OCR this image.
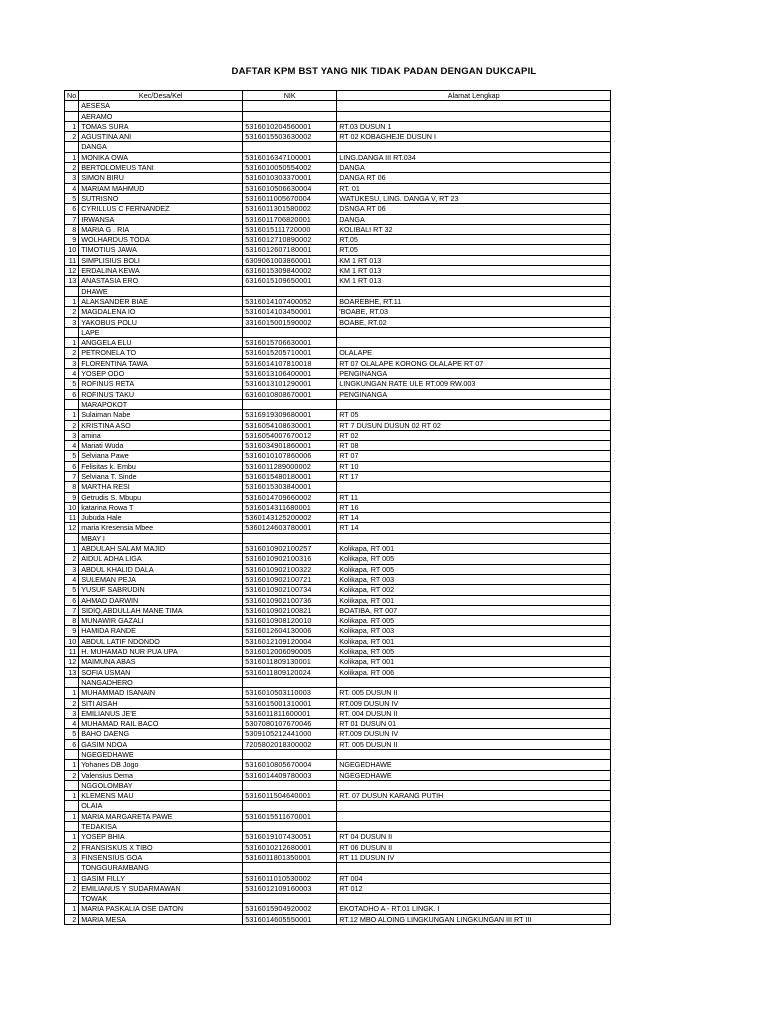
DAFTAR KPM BST YANG NIK TIDAK PADAN DENGAN DUKCAPIL
No	Kec/Desa/Kel	NIK	Alamat Lengkap
	AESESA		
	AERAMO		
1	TOMAS SURA	5316010204560001	RT.03 DUSUN 1
2	AGUSTINA ANI	5316015503630002	RT 02 KOBAGHEJE DUSUN I
	DANGA		
1	MONIKA OWA	5316016347100001	LING.DANGA III RT.034
2	BERTOLOMEUS TANI	5316010050554002	DANGA
3	SIMON BIRU	5316010303370001	DANGA RT 06
4	MARIAM MAHMUD	5316010506630004	RT. 01
5	SUTRISNO	5316011005670004	WATUKESU, LING. DANGA V, RT 23
6	CYRILLUS C FERNANDEZ	5316011301580002	DSNGA RT 06
7	IRWANSA	5316011706820001	DANGA
8	MARIA G . RIA	5316015111720000	KOLIBALI RT 32
9	WOLHARDUS TODA	5316012710890002	RT.05
10	TIMOTIUS JAWA	5316012607180001	RT.05
11	SIMPLISIUS BOLI	6309061003860001	KM 1 RT 013
12	ERDALINA KEWA	6316015309840002	KM 1 RT 013
13	ANASTASIA ERO	6316015109650001	KM 1 RT 013
	DHAWE		
1	ALAKSANDER BIAE	5316014107400052	BOAREBHE, RT.11
2	MAGDALENA IO	5316014103450001	'BOABE, RT.03
3	YAKOBUS POLU	3316015001590002	BOABE, RT.02
	LAPE		
1	ANGGELA ELU	5316015706630001	
2	PETRONELA TO	5316015205710001	OLALAPE
3	FLORENTINA TAWA	5316014107810018	RT 07 OLALAPE KORONG OLALAPE RT 07
4	YOSEP ODO	5316013106400001	PENGINANGA
5	ROFINUS RETA	5316013101290001	LINGKUNGAN RATE ULE RT.009 RW.003
6	ROFINUS TAKU	6316010808670001	PENGINANGA
	MARAPOKOT		
1	Sulaiman Nabe	5316919309680001	RT 05
2	KRISTINA ASO	5316054108630001	RT 7 DUSUN DUSUN 02 RT 02
3	amina	5316054007670012	RT 02
4	Mariati Wuda	5316034901860001	RT 08
5	Selviana Pawe	5316010107860006	RT 07
6	Felisitas k. Embu	5316011289000002	RT 10
7	Selviana T. Sinde	5316015480180001	RT 17
8	MARTHA RESI	5316015303840001	
9	Getrudis S. Mbupu	5316014709660002	RT 11
10	katarina Rowa T	5316014311680001	RT 16
11	Jubuda Hale	5360143125200002	RT 14
12	maria Kresensia Mbee	5360124603780001	RT 14
	MBAY I		
1	ABDULAH SALAM MAJID	5316010902100257	Kolikapa, RT 001
2	AIDUL ADHA LIGA	5316010902100316	Kolikapa, RT 005
3	ABDUL KHALID DALA	5316010902100322	Kolikapa, RT 005
4	SULEMAN PEJA	5316010902100721	Kolikapa, RT 003
5	YUSUF SABRUDIN	5316010902100734	Kolikapa, RT 002
6	AHMAD DARWIN	5316010902100736	Kolikapa, RT 001
7	SIDIQ,ABDULLAH MANE TIMA	5316010902100821	BOATIBA, RT 007
8	MUNAWIR GAZALI	5316010908120010	Kolikapa. RT 005
9	HAMIDA RANDE	5316012604130006	Kolikapa, RT 003
10	ABDUL LATIF NDONDO	5316012109120004	Kolikapa, RT 001
11	H. MUHAMAD NUR PUA UPA	5316012006090005	Kolikapa, RT 005
12	MAIMUNA ABAS	5316011809130001	Kolikapa, RT 001
13	SOFIA USMAN	5316011809120024	Kolikapa. RT 006
	NANGADHERO		
1	MUHAMMAD ISANAIN	5316010503110003	RT. 005 DUSUN II
2	SITI AISAH	5316015001310001	RT.009 DUSUN IV
3	EMILIANUS JE'E	5316011811600001	RT. 004 DUSUN II
4	MUHAMAD RAIL BACO	5307080107670046	RT 01 DUSUN 01
5	BAHO DAENG	5309105212441000	RT.009 DUSUN IV
6	GASIM NDOA	7205802018300002	RT. 005 DUSUN II
	NGEGEDHAWE		
1	Yohanes DB Jogo	5316010805670004	NGEGEDHAWE
2	Valensius Dema	5316014409780003	NGEGEDHAWE
	NGGOLOMBAY		
1	KLEMENS MAU	5316011504640001	RT. 07 DUSUN KARANG PUTIH
	OLAIA		
1	MARIA MARGARETA PAWE	5316015511670001	
	TEDAKISA		
1	YOSEP BHIA	5316019107430051	RT 04 DUSUN II
2	FRANSISKUS X TIBO	5316010212680001	RT 06 DUSUN II
3	FINSENSIUS GOA	5316011801350001	RT 11 DUSUN IV
	TONGGURAMBANG		
1	GASIM FILLY	5316011010530002	RT 004
2	EMILIANUS Y SUDARMAWAN	5316012109160003	RT 012
	TOWAK		
1	MARIA PASKALIA OSE DATON	5316015904920002	EKOTADHO A - RT.01 LINGK. I
2	MARIA MESA	5316014605550001	RT.12 MBO ALOING LINGKUNGAN LINGKUNGAN III RT III
